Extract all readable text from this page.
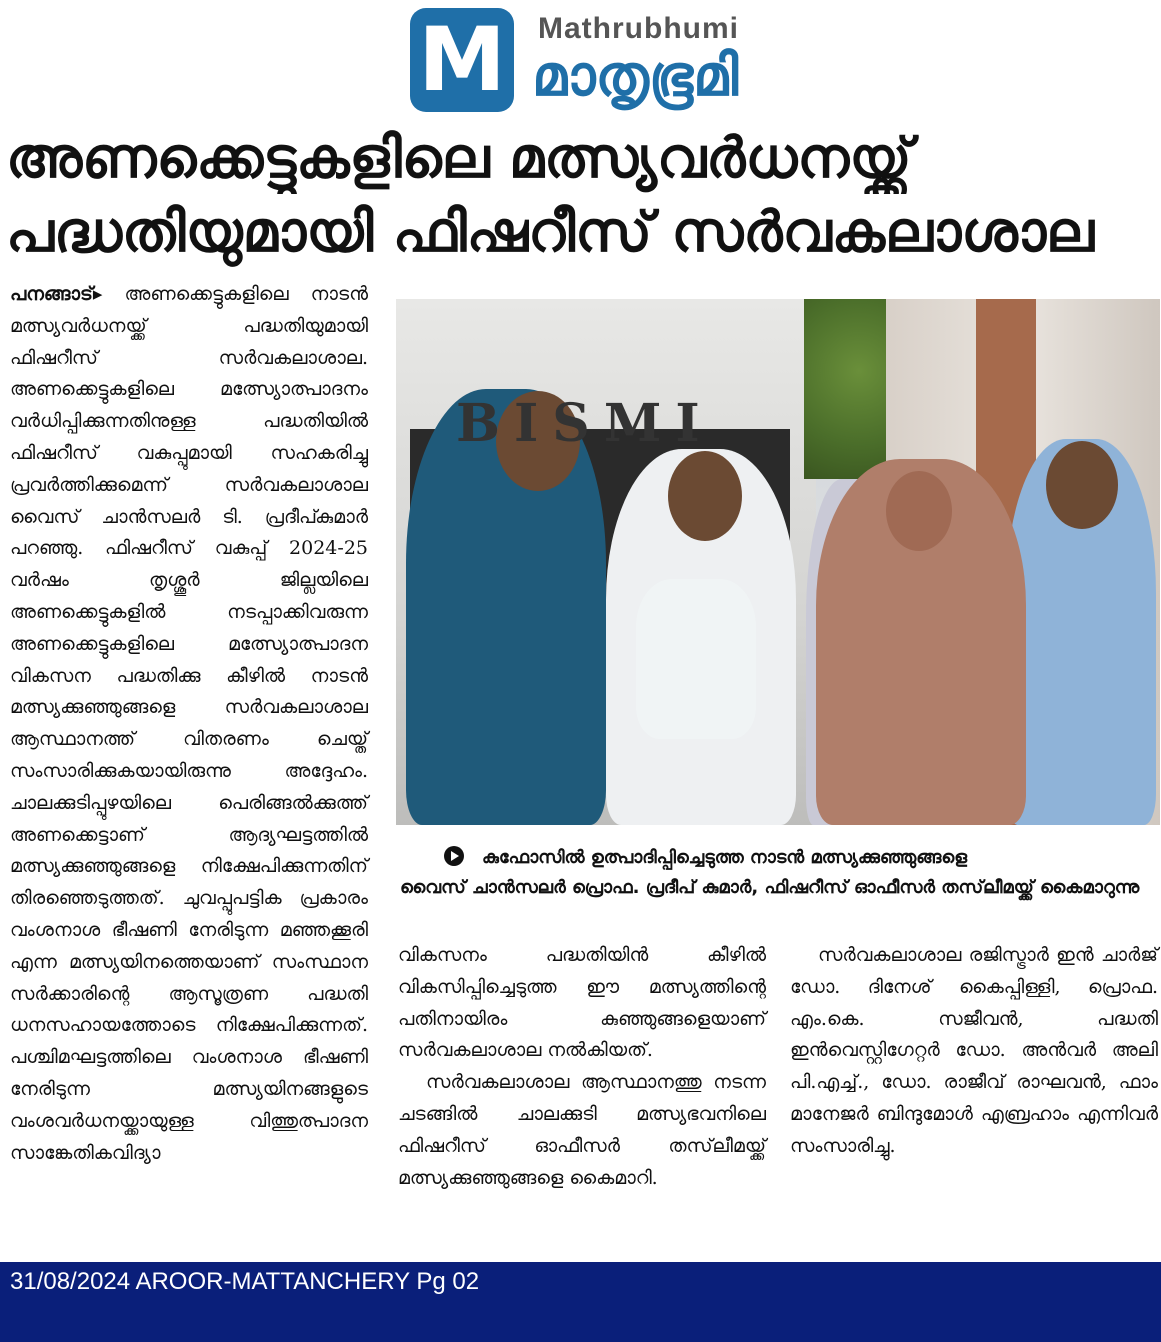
M Mathrubhumi
മാതൃഭൂമി
അണക്കെട്ടുകളിലെ മത്സ്യവർധനയ്ക്ക്
പദ്ധതിയുമായി ഫിഷറീസ് സർവകലാശാല
പനങ്ങാട്▸ അണക്കെട്ടുകളിലെ നാടൻ മത്സ്യവർധനയ്ക്ക് പദ്ധതിയുമായി ഫിഷറീസ് സർവകലാശാല. അണക്കെട്ടുകളിലെ മത്സ്യോത്പാദനം വർധിപ്പിക്കുന്നതിനുള്ള പദ്ധതിയിൽ ഫിഷറീസ് വകുപ്പുമായി സഹകരിച്ചു പ്രവർത്തിക്കുമെന്ന് സർവകലാശാല വൈസ് ചാൻസലർ ടി. പ്രദീപ്കുമാർ പറഞ്ഞു. ഫിഷറീസ് വകുപ്പ് 2024-25 വർഷം തൃശ്ശൂർ ജില്ലയിലെ അണക്കെട്ടുകളിൽ നടപ്പാക്കിവരുന്ന അണക്കെട്ടുകളിലെ മത്സ്യോത്പാദന വികസന പദ്ധതിക്കു കീഴിൽ നാടൻ മത്സ്യക്കുഞ്ഞുങ്ങളെ സർവകലാശാല ആസ്ഥാനത്ത് വിതരണം ചെയ്ത് സംസാരിക്കുകയായിരുന്നു അദ്ദേഹം. ചാലക്കുടിപ്പുഴയിലെ പെരിങ്ങൽക്കുത്ത് അണക്കെട്ടാണ് ആദ്യഘട്ടത്തിൽ മത്സ്യക്കുഞ്ഞുങ്ങളെ നിക്ഷേപിക്കുന്നതിന് തിരഞ്ഞെടുത്തത്. ചുവപ്പുപട്ടിക പ്രകാരം വംശനാശ ഭീഷണി നേരിടുന്ന മഞ്ഞക്കൂരി എന്ന മത്സ്യയിനത്തെയാണ് സംസ്ഥാന സർക്കാരിന്റെ ആസൂത്രണ പദ്ധതി ധനസഹായത്തോടെ നിക്ഷേപിക്കുന്നത്. പശ്ചിമഘട്ടത്തിലെ വംശനാശ ഭീഷണി നേരിടുന്ന മത്സ്യയിനങ്ങളുടെ വംശവർധനയ്ക്കായുള്ള വിത്തുത്പാദന സാങ്കേതികവിദ്യാ
BISMI
കുഫോസിൽ ഉത്പാദിപ്പിച്ചെടുത്ത നാടൻ മത്സ്യക്കുഞ്ഞുങ്ങളെ
വൈസ് ചാൻസലർ പ്രൊഫ. പ്രദീപ് കുമാർ, ഫിഷറീസ് ഓഫീസർ തസ്‌ലീമയ്ക്ക് കൈമാറുന്നു
വികസനം പദ്ധതിയിൻ കീഴിൽ വികസിപ്പിച്ചെടുത്ത ഈ മത്സ്യത്തിന്റെ പതിനായിരം കുഞ്ഞുങ്ങളെയാണ് സർവകലാശാല നൽകിയത്.
സർവകലാശാല ആസ്ഥാനത്തു നടന്ന ചടങ്ങിൽ ചാലക്കുടി മത്സ്യഭവനിലെ ഫിഷറീസ് ഓഫീസർ തസ്‌ലീമയ്ക്ക് മത്സ്യക്കുഞ്ഞുങ്ങളെ കൈമാറി.
സർവകലാശാല രജിസ്ട്രാർ ഇൻ ചാർജ് ഡോ. ദിനേശ് കൈപ്പിള്ളി, പ്രൊഫ. എം.കെ. സജീവൻ, പദ്ധതി ഇൻവെസ്റ്റിഗേറ്റർ ഡോ. അൻവർ അലി പി.എച്ച്., ഡോ. രാജീവ് രാഘവൻ, ഫാം മാനേജർ ബിന്ദുമോൾ എബ്രഹാം എന്നിവർ സംസാരിച്ചു.
31/08/2024 AROOR-MATTANCHERY Pg 02
